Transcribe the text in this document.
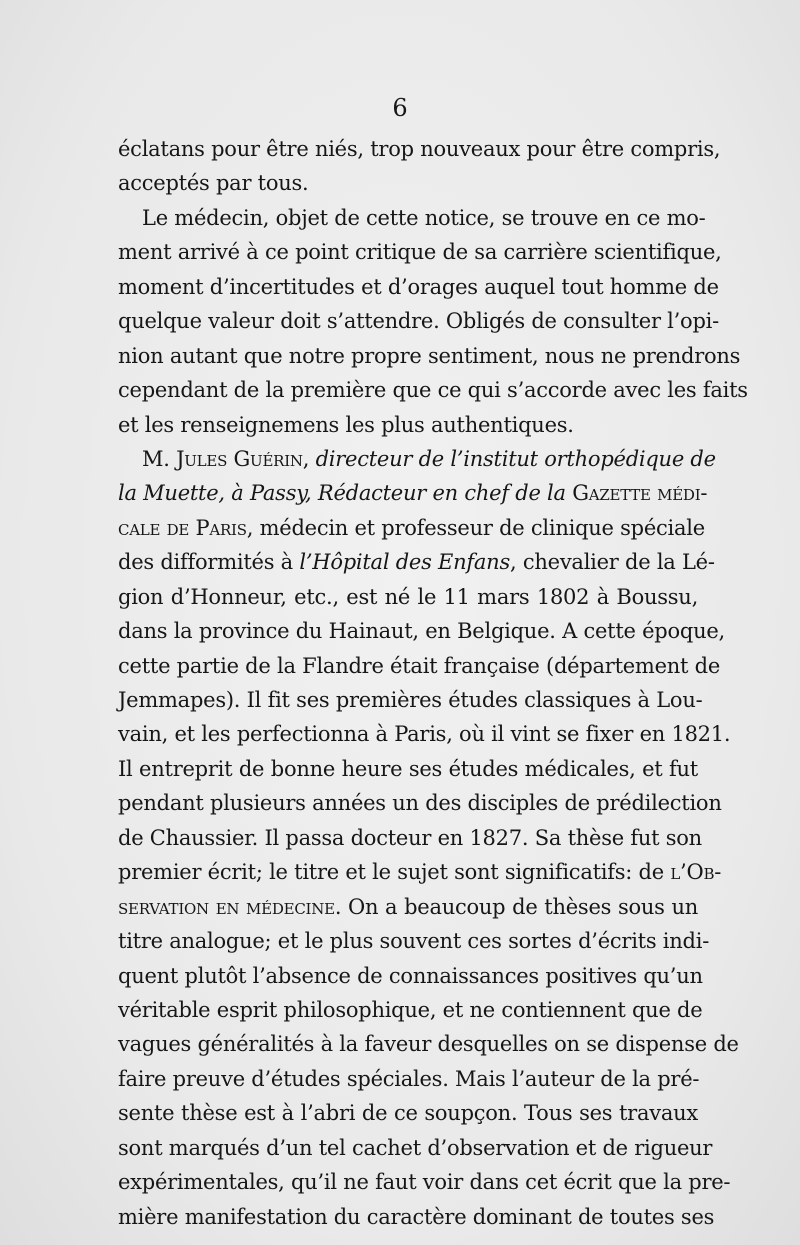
6
éclatans pour être niés, trop nouveaux pour être compris,
acceptés par tous.
Le médecin, objet de cette notice, se trouve en ce mo-
ment arrivé à ce point critique de sa carrière scientifique,
moment d’incertitudes et d’orages auquel tout homme de
quelque valeur doit s’attendre. Obligés de consulter l’opi-
nion autant que notre propre sentiment, nous ne prendrons
cependant de la première que ce qui s’accorde avec les faits
et les renseignemens les plus authentiques.
M. Jules Guérin, directeur de l’institut orthopédique de
la Muette, à Passy, Rédacteur en chef de la Gazette médi-
cale de Paris, médecin et professeur de clinique spéciale
des difformités à l’Hôpital des Enfans, chevalier de la Lé-
gion d’Honneur, etc., est né le 11 mars 1802 à Boussu,
dans la province du Hainaut, en Belgique. A cette époque,
cette partie de la Flandre était française (département de
Jemmapes). Il fit ses premières études classiques à Lou-
vain, et les perfectionna à Paris, où il vint se fixer en 1821.
Il entreprit de bonne heure ses études médicales, et fut
pendant plusieurs années un des disciples de prédilection
de Chaussier. Il passa docteur en 1827. Sa thèse fut son
premier écrit; le titre et le sujet sont significatifs: de l’Ob-
servation en médecine. On a beaucoup de thèses sous un
titre analogue; et le plus souvent ces sortes d’écrits indi-
quent plutôt l’absence de connaissances positives qu’un
véritable esprit philosophique, et ne contiennent que de
vagues généralités à la faveur desquelles on se dispense de
faire preuve d’études spéciales. Mais l’auteur de la pré-
sente thèse est à l’abri de ce soupçon. Tous ses travaux
sont marqués d’un tel cachet d’observation et de rigueur
expérimentales, qu’il ne faut voir dans cet écrit que la pre-
mière manifestation du caractère dominant de toutes ses
